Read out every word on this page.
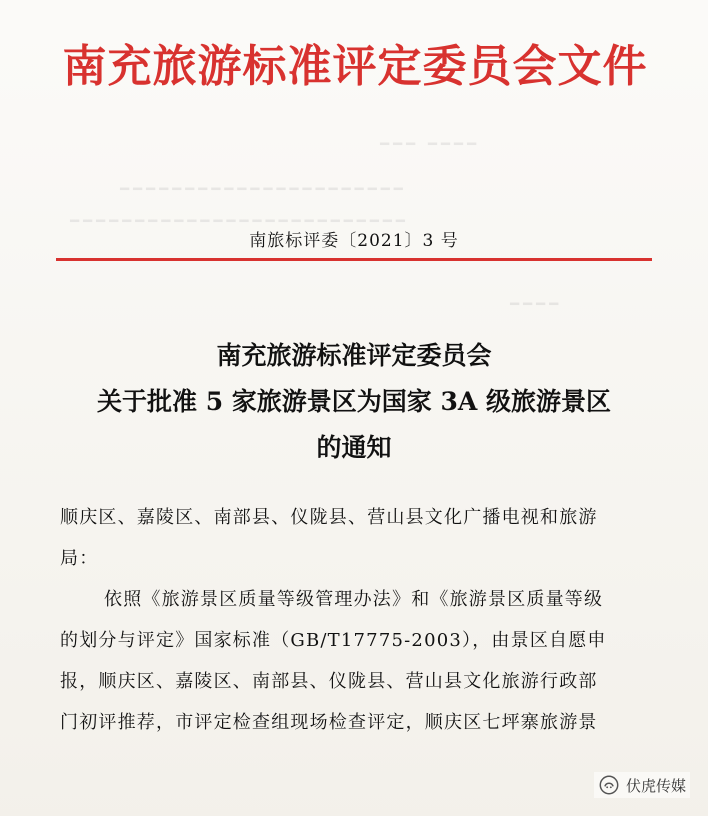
━━━ ━━━━
━━━━━━━━━━━━━━━━━━━━━━
━━━━━━━━━━━━━━━━━━━━━━━━━━
━━━━
南充旅游标准评定委员会文件
南旅标评委〔2021〕3 号
南充旅游标准评定委员会
关于批准 5 家旅游景区为国家 3A 级旅游景区
的通知
顺庆区、嘉陵区、南部县、仪陇县、营山县文化广播电视和旅游
局：
依照《旅游景区质量等级管理办法》和《旅游景区质量等级
的划分与评定》国家标准（GB/T17775-2003），由景区自愿申
报，顺庆区、嘉陵区、南部县、仪陇县、营山县文化旅游行政部
门初评推荐，市评定检查组现场检查评定，顺庆区七坪寨旅游景
伏虎传媒
